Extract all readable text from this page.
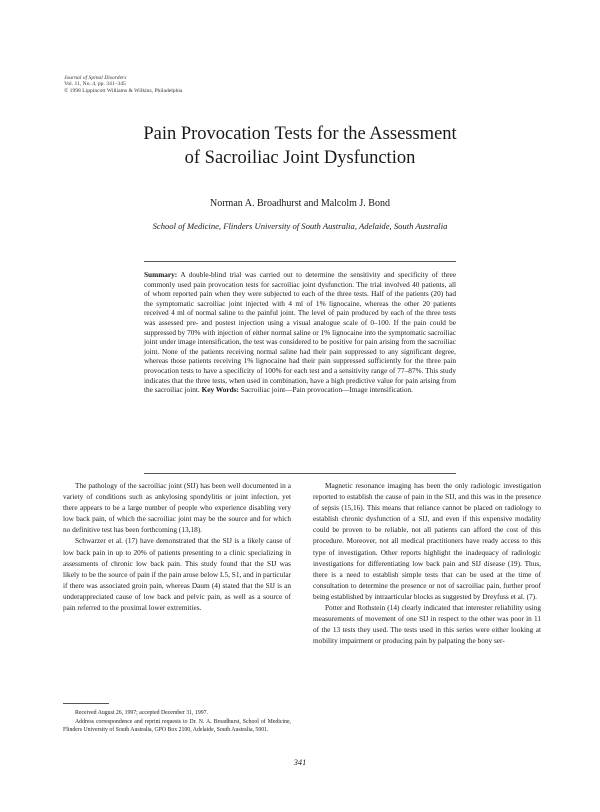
Journal of Spinal Disorders
Vol. 11, No. 4, pp. 341–345
© 1998 Lippincott Williams & Wilkins, Philadelphia
Pain Provocation Tests for the Assessment
of Sacroiliac Joint Dysfunction
Norman A. Broadhurst and Malcolm J. Bond
School of Medicine, Flinders University of South Australia, Adelaide, South Australia
Summary: A double-blind trial was carried out to determine the sensitivity and specificity of three commonly used pain provocation tests for sacroiliac joint dysfunction. The trial involved 40 patients, all of whom reported pain when they were subjected to each of the three tests. Half of the patients (20) had the symptomatic sacroiliac joint injected with 4 ml of 1% lignocaine, whereas the other 20 patients received 4 ml of normal saline to the painful joint. The level of pain produced by each of the three tests was assessed pre- and postest injection using a visual analogue scale of 0–100. If the pain could be suppressed by 70% with injection of either normal saline or 1% lignocaine into the symptomatic sacroiliac joint under image intensification, the test was considered to be positive for pain arising from the sacroiliac joint. None of the patients receiving normal saline had their pain suppressed to any significant degree, whereas those patients receiving 1% lignocaine had their pain suppressed sufficiently for the three pain provocation tests to have a specificity of 100% for each test and a sensitivity range of 77–87%. This study indicates that the three tests, when used in combination, have a high predictive value for pain arising from the sacroiliac joint. Key Words: Sacroiliac joint—Pain provocation—Image intensification.

The pathology of the sacroiliac joint (SIJ) has been well documented in a variety of conditions such as ankylosing spondylitis or joint infection, yet there appears to be a large number of people who experience disabling very low back pain, of which the sacroiliac joint may be the source and for which no definitive test has been forthcoming (13,18).

Schwarzer et al. (17) have demonstrated that the SIJ is a likely cause of low back pain in up to 20% of patients presenting to a clinic specializing in assessments of chronic low back pain. This study found that the SIJ was likely to be the source of pain if the pain arose below L5, S1, and in particular if there was associated groin pain, whereas Daum (4) stated that the SIJ is an underappreciated cause of low back and pelvic pain, as well as a source of pain referred to the proximal lower extremities.

Received August 26, 1997; accepted December 31, 1997.

Address correspondence and reprint requests to Dr. N. A. Broadhurst, School of Medicine, Flinders University of South Australia, GPO Box 2100, Adelaide, South Australia, 5001.

Magnetic resonance imaging has been the only radiologic investigation reported to establish the cause of pain in the SIJ, and this was in the presence of sepsis (15,16). This means that reliance cannot be placed on radiology to establish chronic dysfunction of a SIJ, and even if this expensive modality could be proven to be reliable, not all patients can afford the cost of this procedure. Moreover, not all medical practitioners have ready access to this type of investigation. Other reports highlight the inadequacy of radiologic investigations for differentiating low back pain and SIJ disease (19). Thus, there is a need to establish simple tests that can be used at the time of consultation to determine the presence or not of sacroiliac pain, further proof being established by intraarticular blocks as suggested by Dreyfuss et al. (7).

Potter and Rothstein (14) clearly indicated that interester reliability using measurements of movement of one SIJ in respect to the other was poor in 11 of the 13 tests they used. The tests used in this series were either looking at mobility impairment or producing pain by palpating the bony ser-

341
